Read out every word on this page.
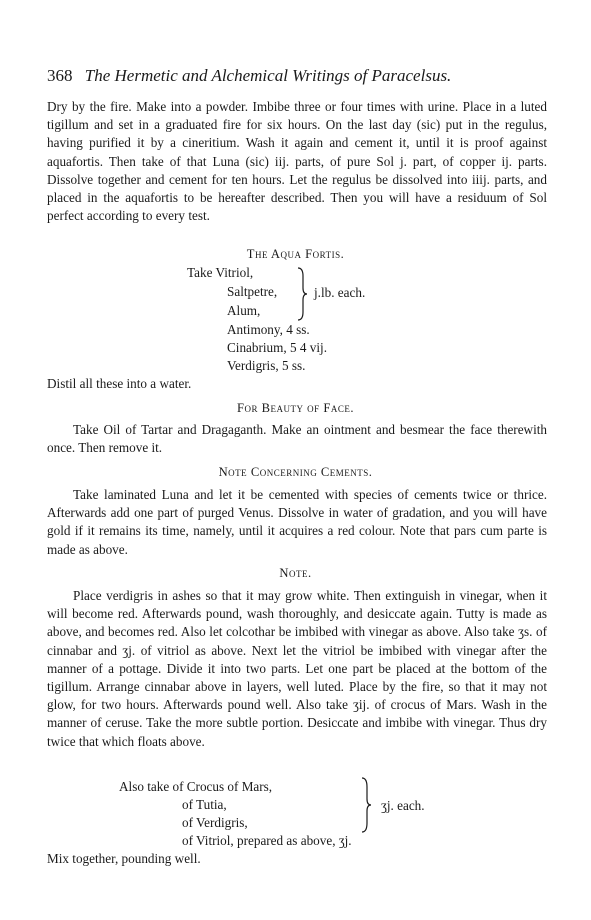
368 The Hermetic and Alchemical Writings of Paracelsus.
Dry by the fire. Make into a powder. Imbibe three or four times with urine. Place in a luted tigillum and set in a graduated fire for six hours. On the last day (sic) put in the regulus, having purified it by a cineritium. Wash it again and cement it, until it is proof against aquafortis. Then take of that Luna (sic) iij. parts, of pure Sol j. part, of copper ij. parts. Dissolve together and cement for ten hours. Let the regulus be dissolved into iiij. parts, and placed in the aquafortis to be hereafter described. Then you will have a residuum of Sol perfect according to every test.
The Aqua Fortis.
Take Vitriol,
Saltpetre,
Alum,
j.lb. each.
Antimony, 4 ss.
Cinabrium, 5 4 vij.
Verdigris, 5 ss.
Distil all these into a water.
For Beauty of Face.
Take Oil of Tartar and Dragaganth. Make an ointment and besmear the face therewith once. Then remove it.
Note Concerning Cements.
Take laminated Luna and let it be cemented with species of cements twice or thrice. Afterwards add one part of purged Venus. Dissolve in water of gradation, and you will have gold if it remains its time, namely, until it acquires a red colour. Note that pars cum parte is made as above.
Note.
Place verdigris in ashes so that it may grow white. Then extinguish in vinegar, when it will become red. Afterwards pound, wash thoroughly, and desiccate again. Tutty is made as above, and becomes red. Also let colcothar be imbibed with vinegar as above. Also take ʒs. of cinnabar and ʒj. of vitriol as above. Next let the vitriol be imbibed with vinegar after the manner of a pottage. Divide it into two parts. Let one part be placed at the bottom of the tigillum. Arrange cinnabar above in layers, well luted. Place by the fire, so that it may not glow, for two hours. Afterwards pound well. Also take ʒij. of crocus of Mars. Wash in the manner of ceruse. Take the more subtle portion. Desiccate and imbibe with vinegar. Thus dry twice that which floats above.
Also take of Crocus of Mars,
of Tutia,
of Verdigris,
ʒj. each.
of Vitriol, prepared as above, ʒj.
Mix together, pounding well.
